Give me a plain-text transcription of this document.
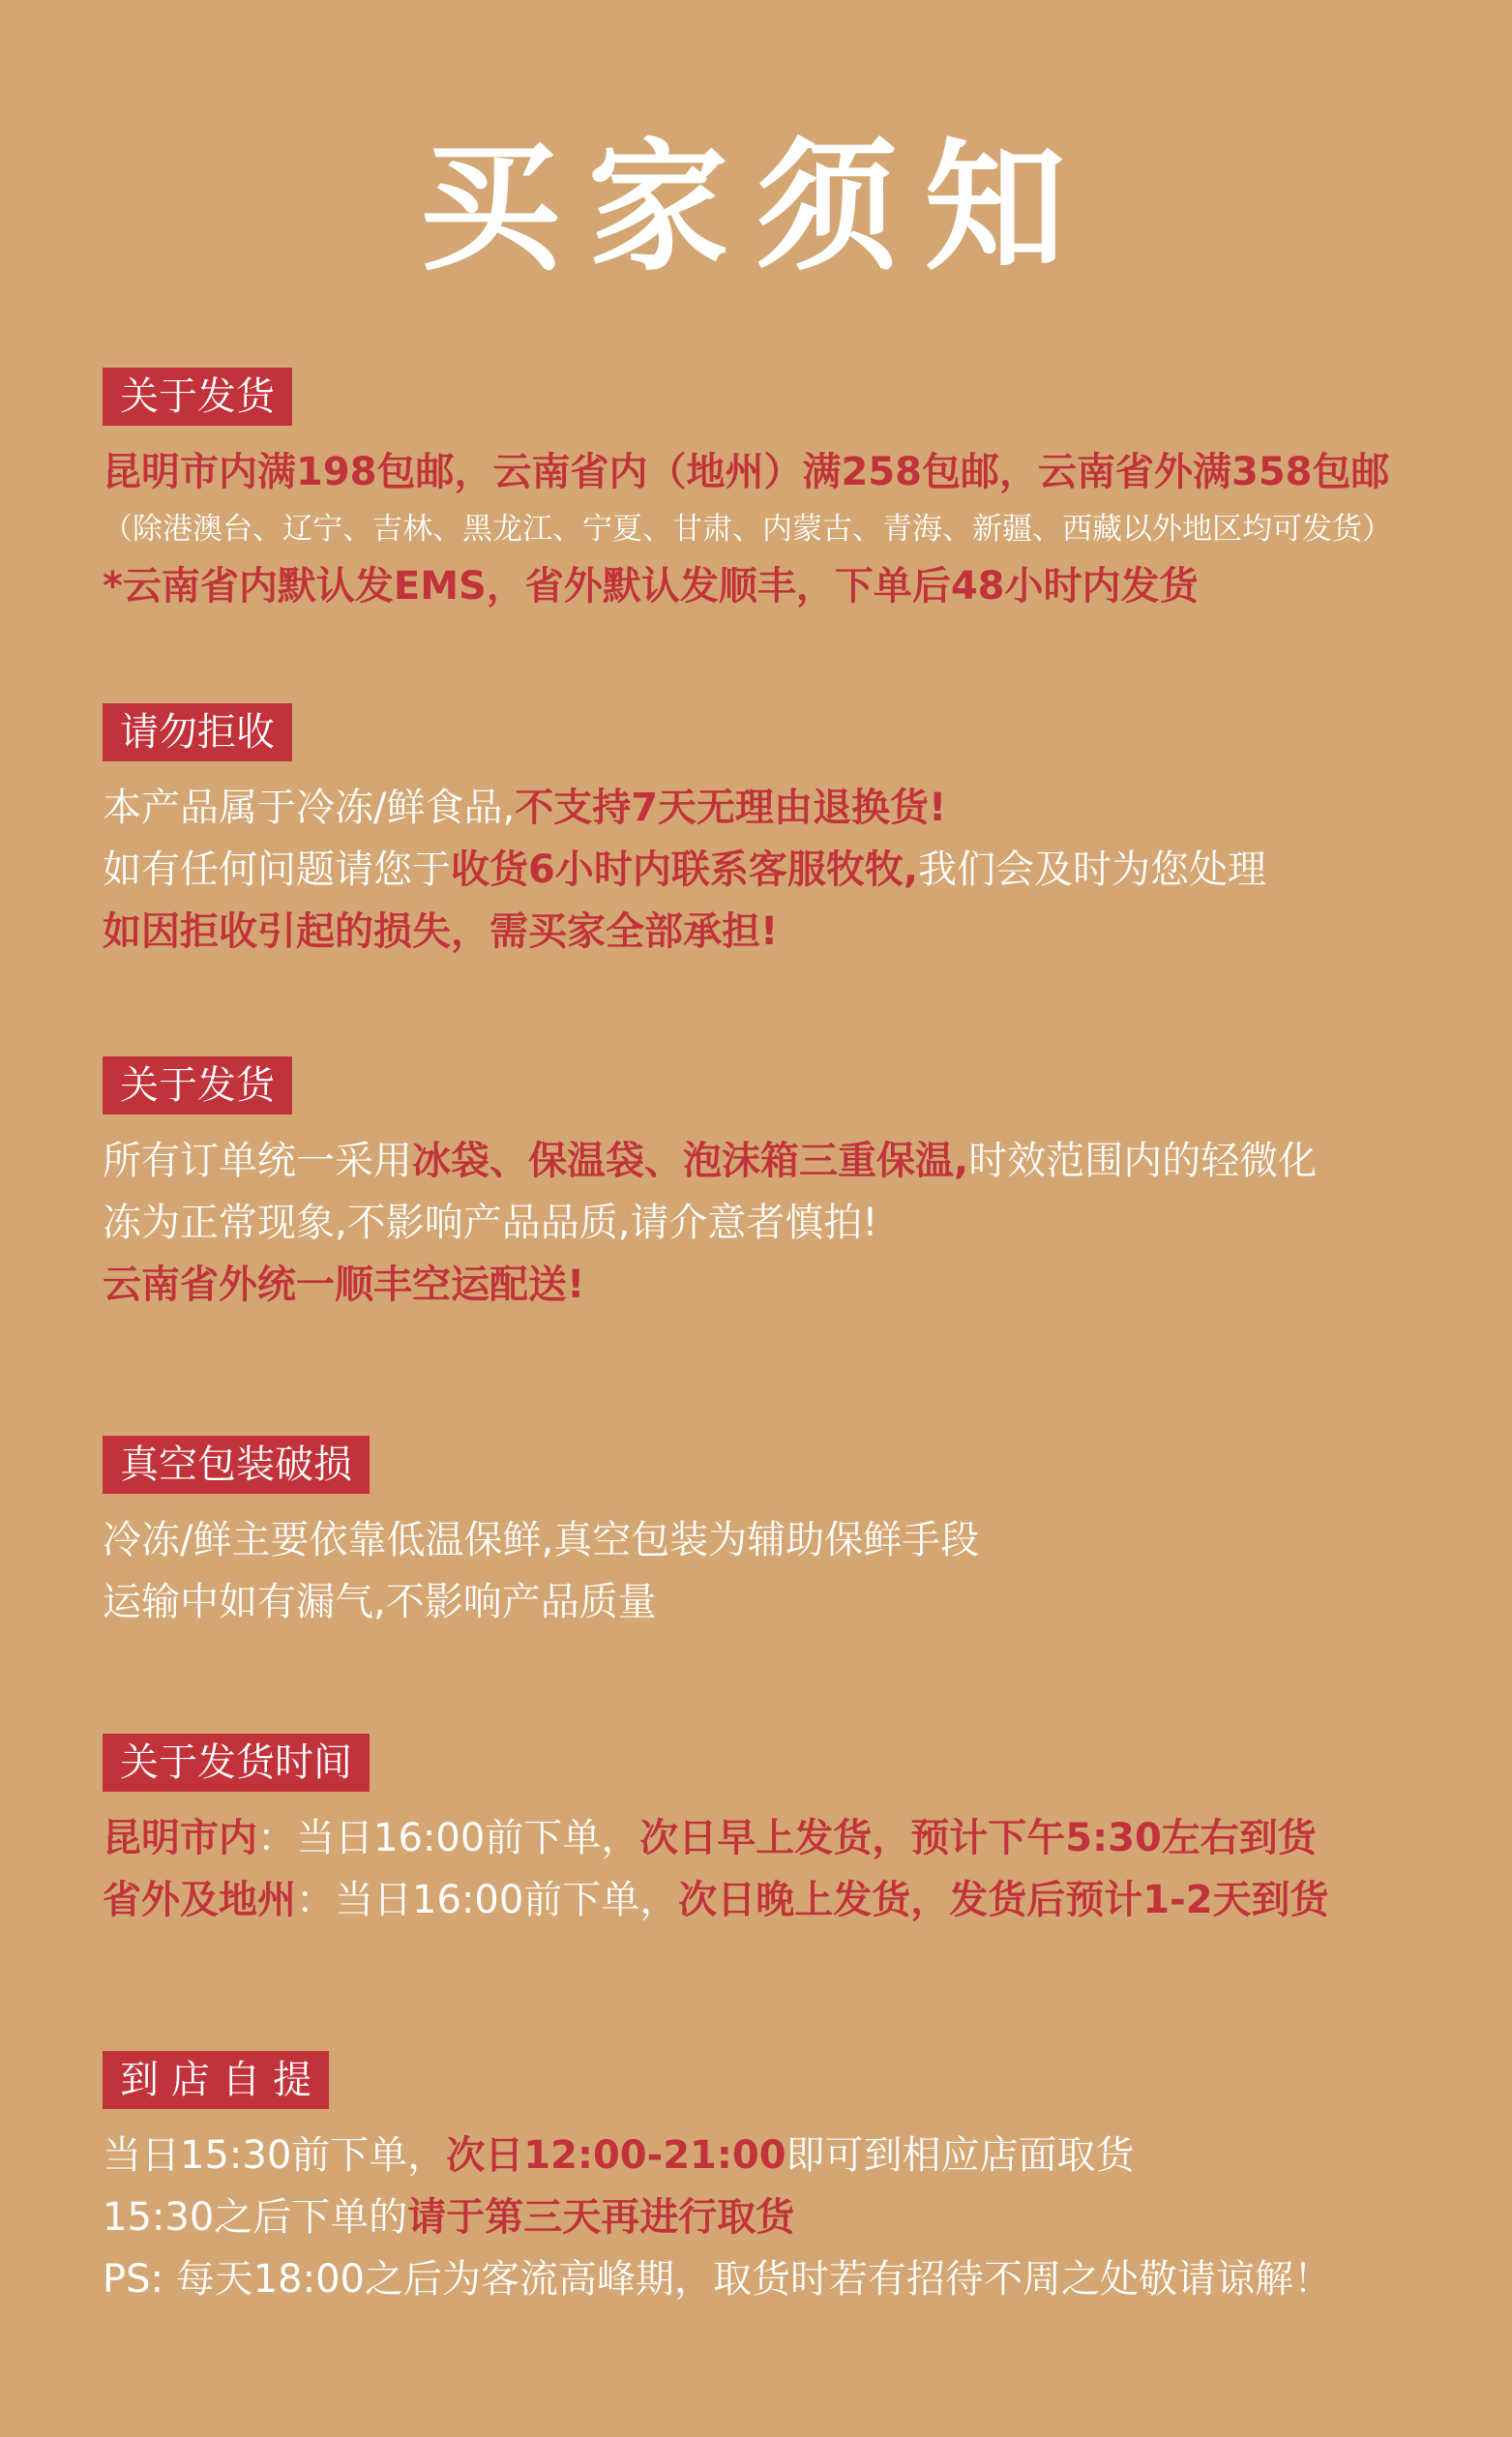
买家须知
关于发货
昆明市内满198包邮，云南省内（地州）满258包邮，云南省外满358包邮
（除港澳台、辽宁、吉林、黑龙江、宁夏、甘肃、内蒙古、青海、新疆、西藏以外地区均可发货）
*云南省内默认发EMS，省外默认发顺丰，下单后48小时内发货
请勿拒收
本产品属于冷冻/鲜食品,不支持7天无理由退换货!
如有任何问题请您于收货6小时内联系客服牧牧,我们会及时为您处理
如因拒收引起的损失，需买家全部承担!
关于发货
所有订单统一采用冰袋、保温袋、泡沫箱三重保温,时效范围内的轻微化
冻为正常现象,不影响产品品质,请介意者慎拍!
云南省外统一顺丰空运配送!
真空包装破损
冷冻/鲜主要依靠低温保鲜,真空包装为辅助保鲜手段
运输中如有漏气,不影响产品质量
关于发货时间
昆明市内：当日16:00前下单，次日早上发货，预计下午5:30左右到货
省外及地州：当日16:00前下单，次日晚上发货，发货后预计1-2天到货
到 店 自 提
当日15:30前下单，次日12:00-21:00即可到相应店面取货
15:30之后下单的请于第三天再进行取货
PS: 每天18:00之后为客流高峰期，取货时若有招待不周之处敬请谅解！
